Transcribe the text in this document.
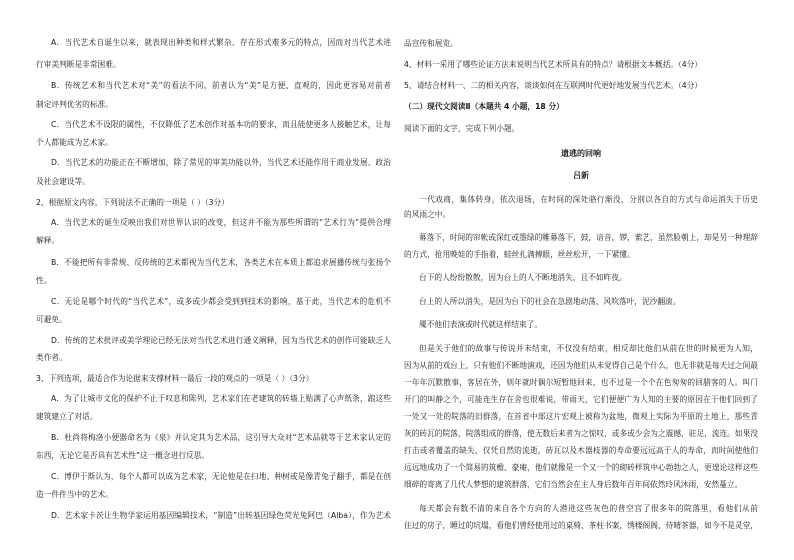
A．当代艺术自诞生以来，就表现出种类和样式繁杂、存在形式难多元的特点，因而对当代艺术进
行审美判断是非常困难。
B．传统艺术和当代艺术对“美”的看法不同，前者认为“美”是方便、直观的，因此更容易对前者
制定评判优劣的标准。
C．当代艺术不设限的属性，不仅降低了艺术创作对基本功的要求，而且能使更多人接触艺术，让每
个人都能成为艺术家。
D．当代艺术的功能正在不断增加，除了常见的审美功能以外，当代艺术还能作用于商业发展、政治
及社会建设等。
2、根据原文内容，下列说法不正确的一项是（ ）（3分）
A．当代艺术的诞生反映出我们对世界认识的改变，但这并不能为那些所谓的“艺术行为”提供合理
解释。
B．不能把所有非常规、反传统的艺术都视为当代艺术，各类艺术在本质上都追求展播传统与张扬个
性。
C．无论是哪个时代的“当代艺术”，或多或少都会受到到技术的影响，基于此，当代艺术的危机不
可避免。
D．传统的艺术批评或美学理论已经无法对当代艺术进行通义阐释，因为当代艺术的创作可能缺乏人
类作者。
3、下列选项，最适合作为论据来支撑材料一最后一段的观点的一项是（ ）（3分）
A．为了让城市文化的保护不止于叹息和陈列，艺术家们在老建筑的砖墙上贴满了心声纸条，踉这些
建筑建立了对话。
B．杜尚将梅洛小便器命名为《泉》并认定其为艺术品，这引导大众对“艺术品就等于艺术家认定的
东西，无论它是否具有艺术性”这一概念进行反思。
C．博伊于斯认为，每个人都可以成为艺术家，无论他是在扫地、种树或是像青兔子翻手，都是在创
造一件件当中的艺术。
D．艺术家卡茨让生物学家运用基因编辑技术，“制造”出转基因绿色荧光兔阿巴（Alba），作为艺术
品宣传和展览。
4、材料一采用了哪些论证方法来说明当代艺术所具有的特点？请根据文本概括。（4分）
5、请结合材料一、二的相关内容，谈谈如何在互联网时代更好地发展当代艺术。（4分）
（二）现代文阅读Ⅱ（本题共 4 小题，18 分）
阅读下面的文字，完成下列小题。
遗逃的回响
吕新
一代戏商，集体转身，依次退场，在时间的深处骆行渐没，分别以各自的方式与命运消失于历史
的风雨之中。
幕落下，时间的帘帐或深红或墨绿的帷幕落下，鼓，谙音，锣，萦艺，虽然脸朝上，却是另一种理辞
的方式，抢用晚娃的手指着，蛙丝扎满搏眼，丝丝松开，一下紧懂。
台下的人纷纷散散，因为台上的人不断地消失，且不如昨夜。
台上的人所以消失，是因为台下的社会在急剧地动荡，风吹落叶，泥沙翻滚。
魇不他们表演或时代就这样结束了。
但是关于他们的故事与传说并未结束，不仅没有结束，相反却比他们从前在世的时候更为人知，
因为从前的戏台上，只有他们不断地演戏，还因为他们从未觉得自己是个什么，也无非就是每天过之间最
一年年沉默散事，客居在外，则年就时偶尔短暂地回来，也不过是一个个在色匆匆的回腊客的人。叫门
开门的叫静之个，可能连生存在舍也很难说，带雨天，它们便便广为人知的主要的原因在于他们回到了
一处又一处的院落的旧群落，在首省中部这片宏观上被称为盆地，微观上实际为平原的土地上，那些青
灰的砖瓦的院落，院落组成的群落，使无数后来者为之惊叹，或多或少会为之震撼，驻足，流连。如果没
打击或者覆盖的缺失，仅凭自然的流逝，砖瓦以及木器枝器的寿命要远远高于人的寿命，而时间使他们
远远地成功了一个简易的筑檐、豪庵，他们就像是一个又一个的砌砖样筑中心勃勃之人，更遑论这样这些
细碎的寄离了几代人梦想的建筑群落，它们当然会在主人身后数年百年间依然玲风沐雨，安然蔓立。
每天都会有数不清的来自各个方向的人潜进这些灰色的普空宫了很多年的院落里，看他们从前
住过的房子，睡过的坑塌，看他们曾经使用过的桌椅、茶柱书案，绣楼阁阁，侍晴茶器，如今不是灵堂，
